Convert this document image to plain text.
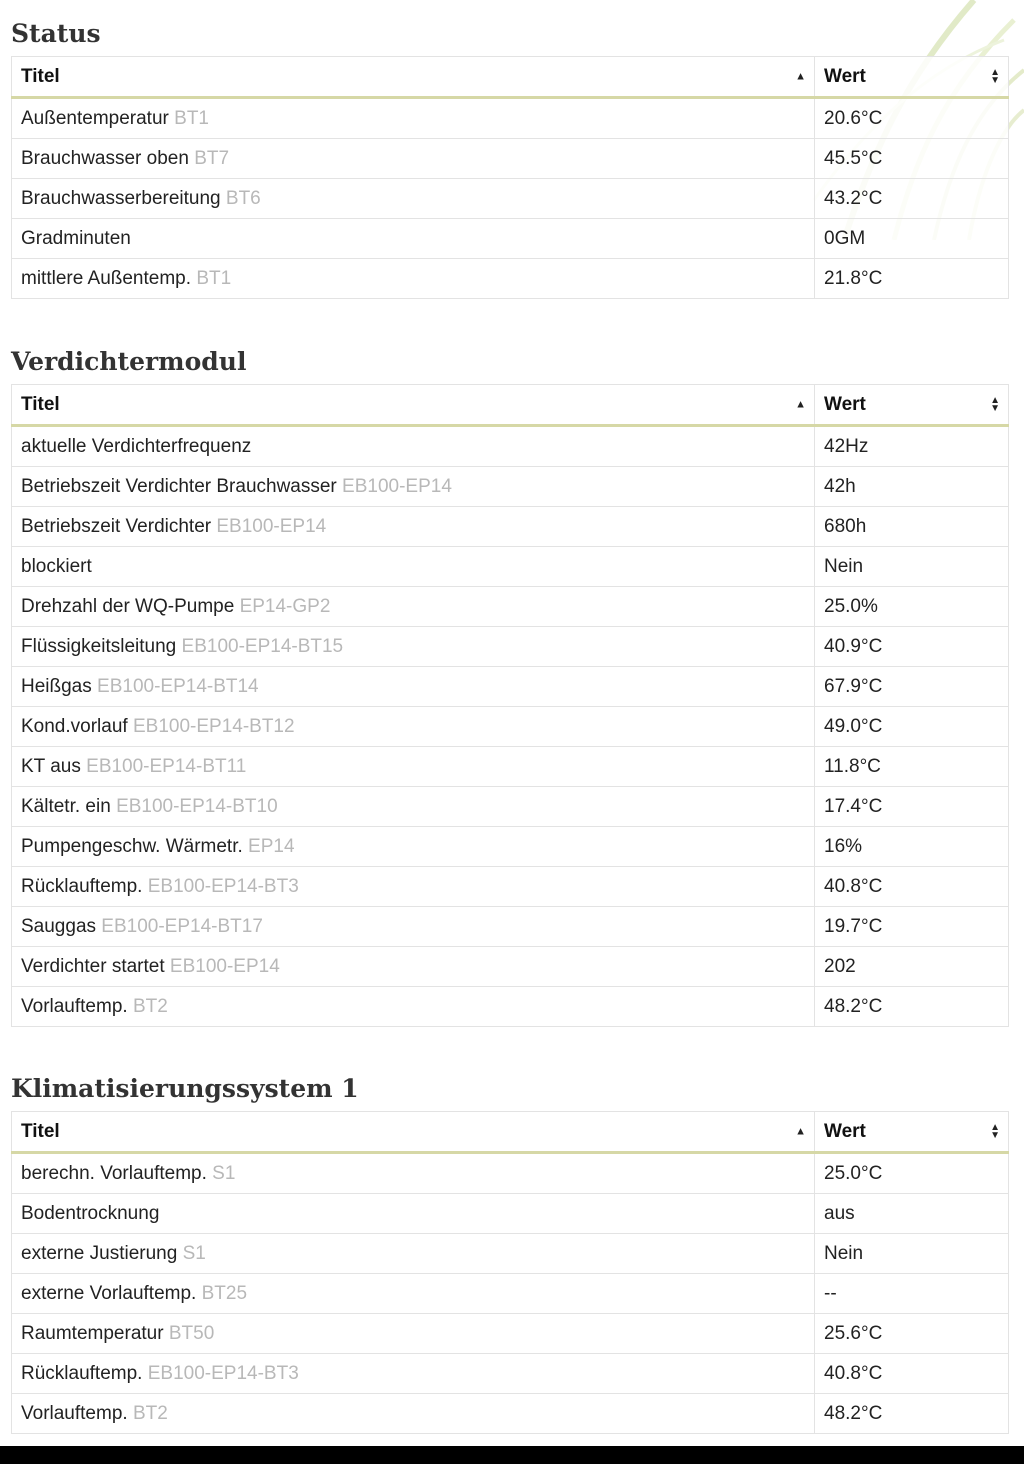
Status
Titel ▲	Wert ▲
▼

Außentemperatur BT1	20.6°C
Brauchwasser oben BT7	45.5°C
Brauchwasserbereitung BT6	43.2°C
Gradminuten	0GM
mittlere Außentemp. BT1	21.8°C
Verdichtermodul
Titel ▲	Wert ▲
▼

aktuelle Verdichterfrequenz	42Hz
Betriebszeit Verdichter Brauchwasser EB100-EP14	42h
Betriebszeit Verdichter EB100-EP14	680h
blockiert	Nein
Drehzahl der WQ-Pumpe EP14-GP2	25.0%
Flüssigkeitsleitung EB100-EP14-BT15	40.9°C
Heißgas EB100-EP14-BT14	67.9°C
Kond.vorlauf EB100-EP14-BT12	49.0°C
KT aus EB100-EP14-BT11	11.8°C
Kältetr. ein EB100-EP14-BT10	17.4°C
Pumpengeschw. Wärmetr. EP14	16%
Rücklauftemp. EB100-EP14-BT3	40.8°C
Sauggas EB100-EP14-BT17	19.7°C
Verdichter startet EB100-EP14	202
Vorlauftemp. BT2	48.2°C
Klimatisierungssystem 1
Titel ▲	Wert ▲
▼

berechn. Vorlauftemp. S1	25.0°C
Bodentrocknung	aus
externe Justierung S1	Nein
externe Vorlauftemp. BT25	--
Raumtemperatur BT50	25.6°C
Rücklauftemp. EB100-EP14-BT3	40.8°C
Vorlauftemp. BT2	48.2°C
